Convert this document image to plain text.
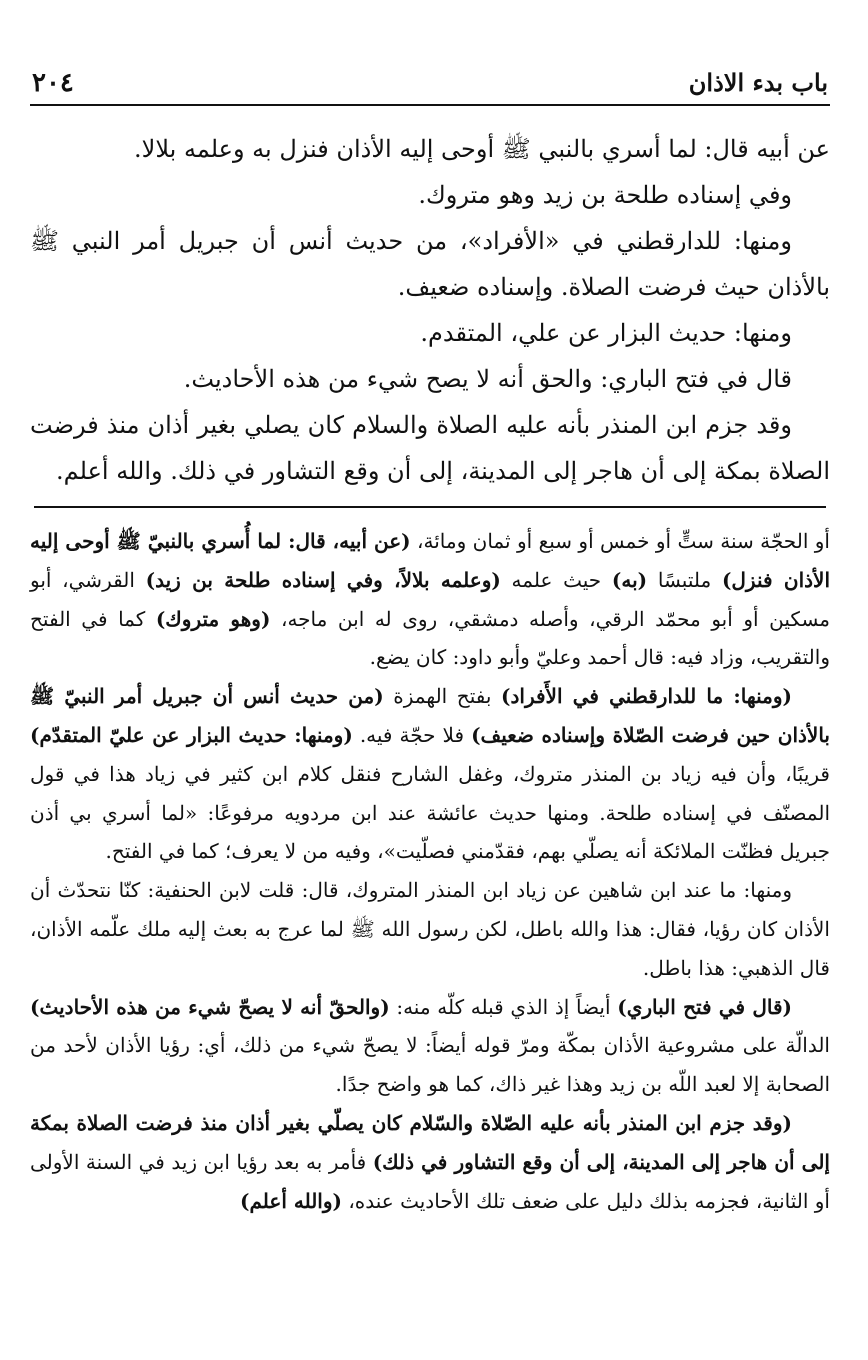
باب بدء الاذان
٢٠٤

عن أبيه قال: لما أسري بالنبي ﷺ أوحى إليه الأذان فنزل به وعلمه بلالا.

وفي إسناده طلحة بن زيد وهو متروك.

ومنها: للدارقطني في «الأفراد»، من حديث أنس أن جبريل أمر النبي ﷺ بالأذان حيث فرضت الصلاة. وإسناده ضعيف.

ومنها: حديث البزار عن علي، المتقدم.

قال في فتح الباري: والحق أنه لا يصح شيء من هذه الأحاديث.

وقد جزم ابن المنذر بأنه عليه الصلاة والسلام كان يصلي بغير أذان منذ فرضت الصلاة بمكة إلى أن هاجر إلى المدينة، إلى أن وقع التشاور في ذلك. والله أعلم.

أو الحجّة سنة ستٍّ أو خمس أو سبع أو ثمان ومائة، (عن أبيه، قال: لما أُسري بالنبيّ ﷺ أوحى إليه الأذان فنزل) ملتبسًا (به) حيث علمه (وعلمه بلالاً، وفي إسناده طلحة بن زيد) القرشي، أبو مسكين أو أبو محمّد الرقي، وأصله دمشقي، روى له ابن ماجه، (وهو متروك) كما في الفتح والتقريب، وزاد فيه: قال أحمد وعليّ وأبو داود: كان يضع.

(ومنها: ما للدارقطني في الأَفراد) بفتح الهمزة (من حديث أنس أن جبريل أمر النبيّ ﷺ بالأذان حين فرضت الصّلاة وإسناده ضعيف) فلا حجّة فيه. (ومنها: حديث البزار عن عليّ المتقدّم) قريبًا، وأن فيه زياد بن المنذر متروك، وغفل الشارح فنقل كلام ابن كثير في زياد هذا في قول المصنّف في إسناده طلحة. ومنها حديث عائشة عند ابن مردويه مرفوعًا: «لما أسري بي أذن جبريل فظنّت الملائكة أنه يصلّي بهم، فقدّمني فصلّيت»، وفيه من لا يعرف؛ كما في الفتح.

ومنها: ما عند ابن شاهين عن زياد ابن المنذر المتروك، قال: قلت لابن الحنفية: كنّا نتحدّث أن الأذان كان رؤيا، فقال: هذا والله باطل، لكن رسول الله ﷺ لما عرج به بعث إليه ملك علّمه الأذان، قال الذهبي: هذا باطل.

(قال في فتح الباري) أيضاً إذ الذي قبله كلّه منه: (والحقّ أنه لا يصحّ شيء من هذه الأحاديث) الدالّة على مشروعية الأذان بمكّة ومرّ قوله أيضاً: لا يصحّ شيء من ذلك، أي: رؤيا الأذان لأحد من الصحابة إلا لعبد اللّه بن زيد وهذا غير ذاك، كما هو واضح جدًا.

(وقد جزم ابن المنذر بأنه عليه الصّلاة والسّلام كان يصلّي بغير أذان منذ فرضت الصلاة بمكة إلى أن هاجر إلى المدينة، إلى أن وقع التشاور في ذلك) فأمر به بعد رؤيا ابن زيد في السنة الأولى أو الثانية، فجزمه بذلك دليل على ضعف تلك الأحاديث عنده، (والله أعلم)
